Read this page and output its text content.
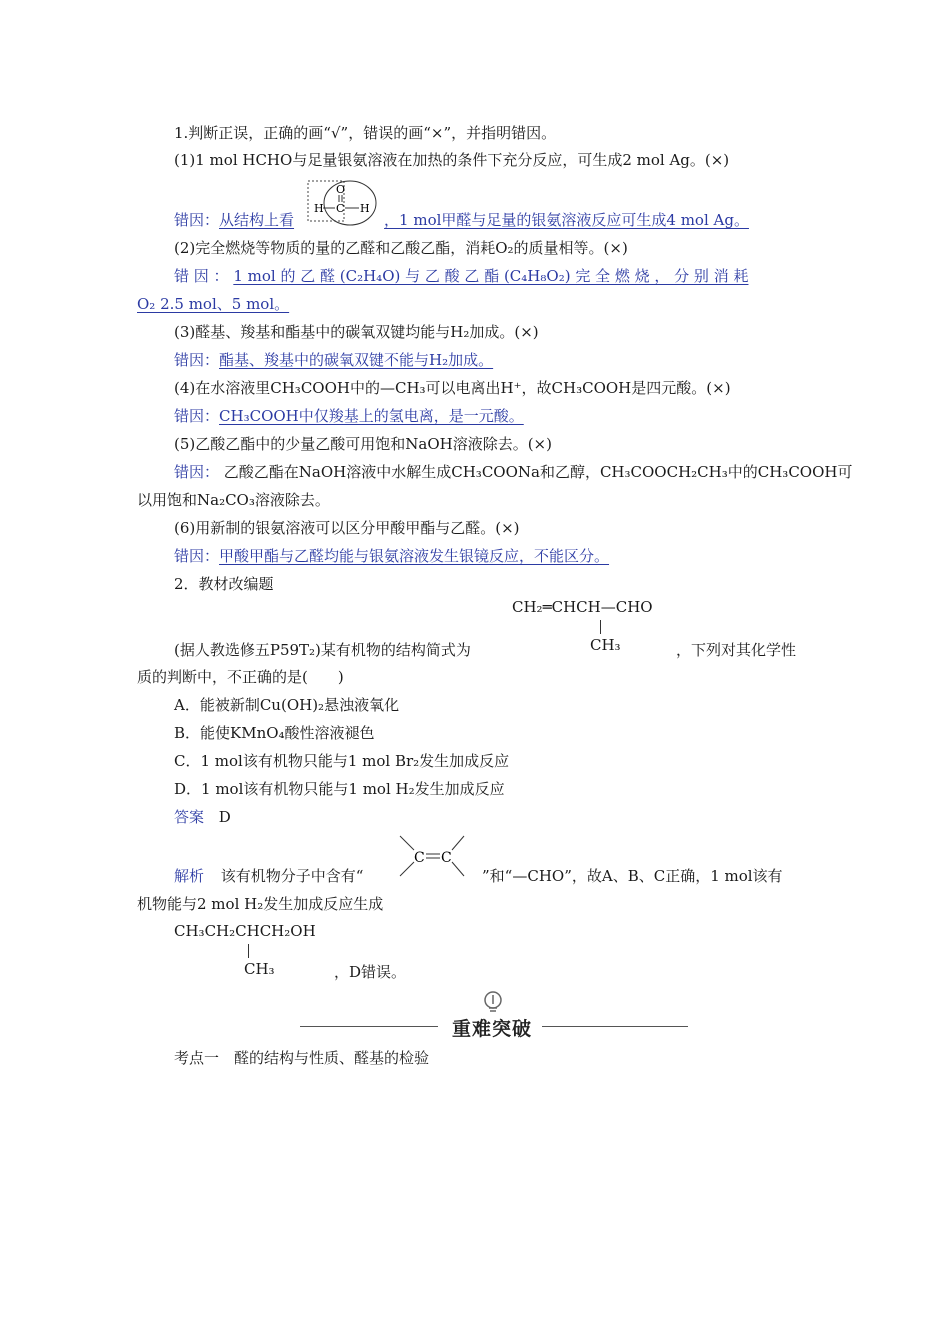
1.判断正误，正确的画“√”，错误的画“×”，并指明错因。
(1)1 mol HCHO与足量银氨溶液在加热的条件下充分反应，可生成2 mol Ag。(×)
O
H C H
错因：从结构上看	，1 mol甲醛与足量的银氨溶液反应可生成4 mol Ag。
(2)完全燃烧等物质的量的乙醛和乙酸乙酯，消耗O₂的质量相等。(×)
错 因 ： 1 mol 的 乙 醛 (C₂H₄O) 与 乙 酸 乙 酯 (C₄H₈O₂) 完 全 燃 烧 ， 分 别 消 耗
O₂ 2.5 mol、5 mol。
(3)醛基、羧基和酯基中的碳氧双键均能与H₂加成。(×)
错因：酯基、羧基中的碳氧双键不能与H₂加成。
(4)在水溶液里CH₃COOH中的—CH₃可以电离出H⁺，故CH₃COOH是四元酸。(×)
错因：CH₃COOH中仅羧基上的氢电离，是一元酸。
(5)乙酸乙酯中的少量乙酸可用饱和NaOH溶液除去。(×)
错因： 乙酸乙酯在NaOH溶液中水解生成CH₃COONa和乙醇，CH₃COOCH₂CH₃中的CH₃COOH可
以用饱和Na₂CO₃溶液除去。
(6)用新制的银氨溶液可以区分甲酸甲酯与乙醛。(×)
错因：甲酸甲酯与乙醛均能与银氨溶液发生银镜反应，不能区分。
2．教材改编题
CH₂═CHCH—CHO
CH₃
(据人教选修五P59T₂)某有机物的结构简式为	，下列对其化学性
质的判断中，不正确的是(　　)
A．能被新制Cu(OH)₂悬浊液氧化
B．能使KMnO₄酸性溶液褪色
C．1 mol该有机物只能与1 mol Br₂发生加成反应
D．1 mol该有机物只能与1 mol H₂发生加成反应
答案 D
C C
解析 该有机物分子中含有“	”和“—CHO”，故A、B、C正确，1 mol该有
机物能与2 mol H₂发生加成反应生成
CH₃CH₂CHCH₂OH
CH₃	，D错误。
重难突破
考点一　醛的结构与性质、醛基的检验
